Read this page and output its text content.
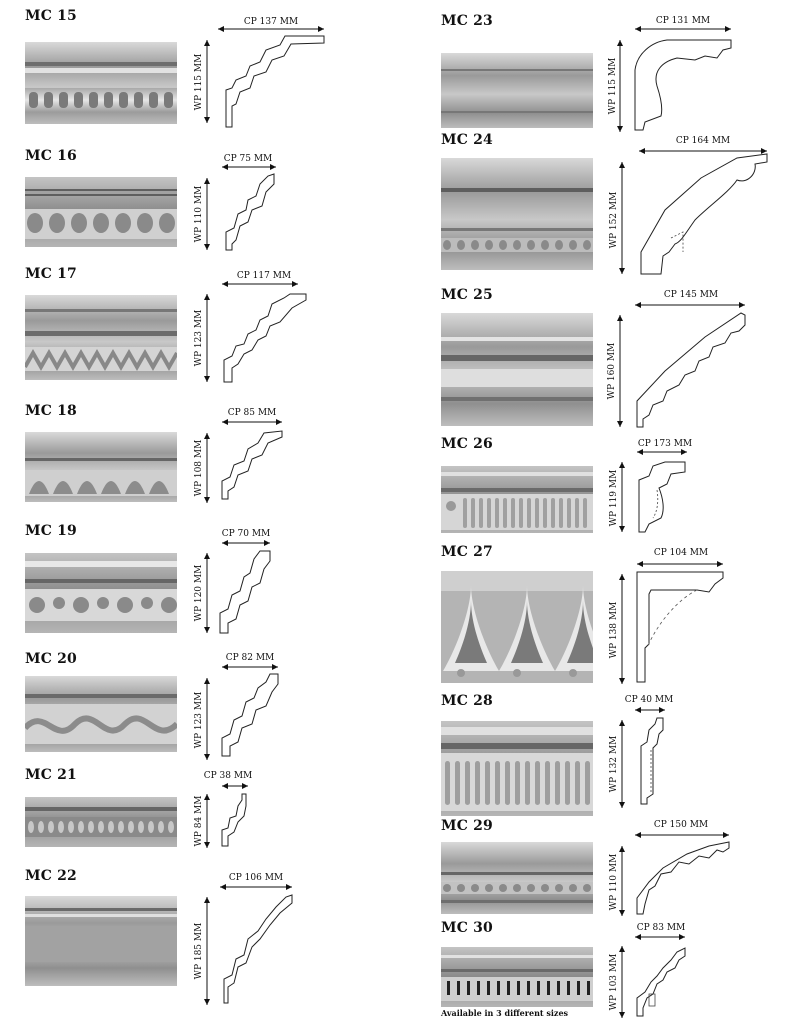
MC 15	CP 137 MM
WP 115 MM
MC 16	CP 75 MM
WP 110 MM
MC 17	CP 117 MM
WP 123 MM
MC 18	CP 85 MM
WP 108 MM
MC 19	CP 70 MM
WP 120 MM
MC 20	CP 82 MM
WP 123 MM
MC 21	CP 38 MM
WP 84 MM
MC 22	CP 106 MM
WP 185 MM
MC 23	CP 131 MM
WP 115 MM
MC 24	CP 164 MM
WP 152 MM
MC 25	CP 145 MM
WP 160 MM
MC 26	CP 173 MM
WP 119 MM
MC 27	CP 104 MM
WP 138 MM
MC 28	CP 40 MM
WP 132 MM
MC 29	CP 150 MM
WP 110 MM
MC 30
Available in 3 different sizes
CP 83 MM
WP 103 MM
